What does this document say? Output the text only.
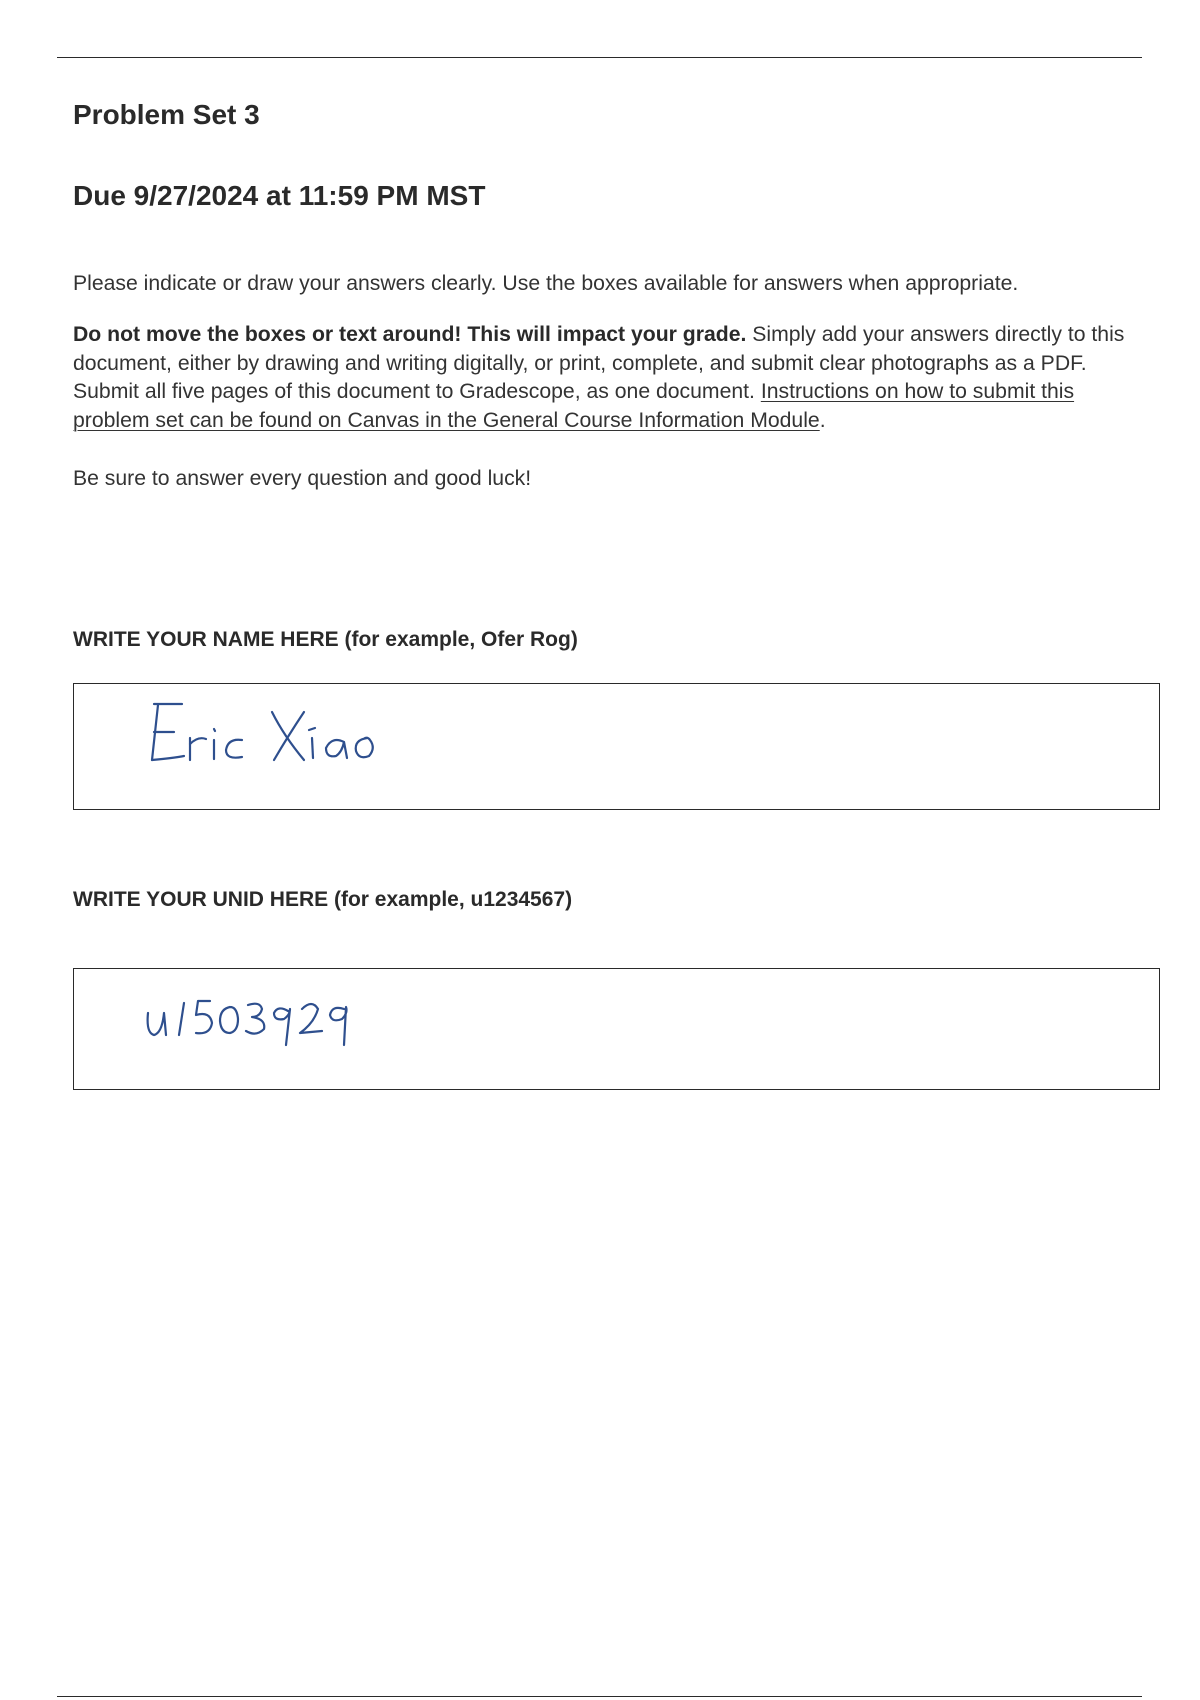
Problem Set 3
Due 9/27/2024 at 11:59 PM MST

Please indicate or draw your answers clearly. Use the boxes available for answers when appropriate.

Do not move the boxes or text around! This will impact your grade. Simply add your answers directly to this document, either by drawing and writing digitally, or print, complete, and submit clear photographs as a PDF. Submit all five pages of this document to Gradescope, as one document. Instructions on how to submit this problem set can be found on Canvas in the General Course Information Module.

Be sure to answer every question and good luck!

WRITE YOUR NAME HERE (for example, Ofer Rog)

WRITE YOUR UNID HERE (for example, u1234567)
